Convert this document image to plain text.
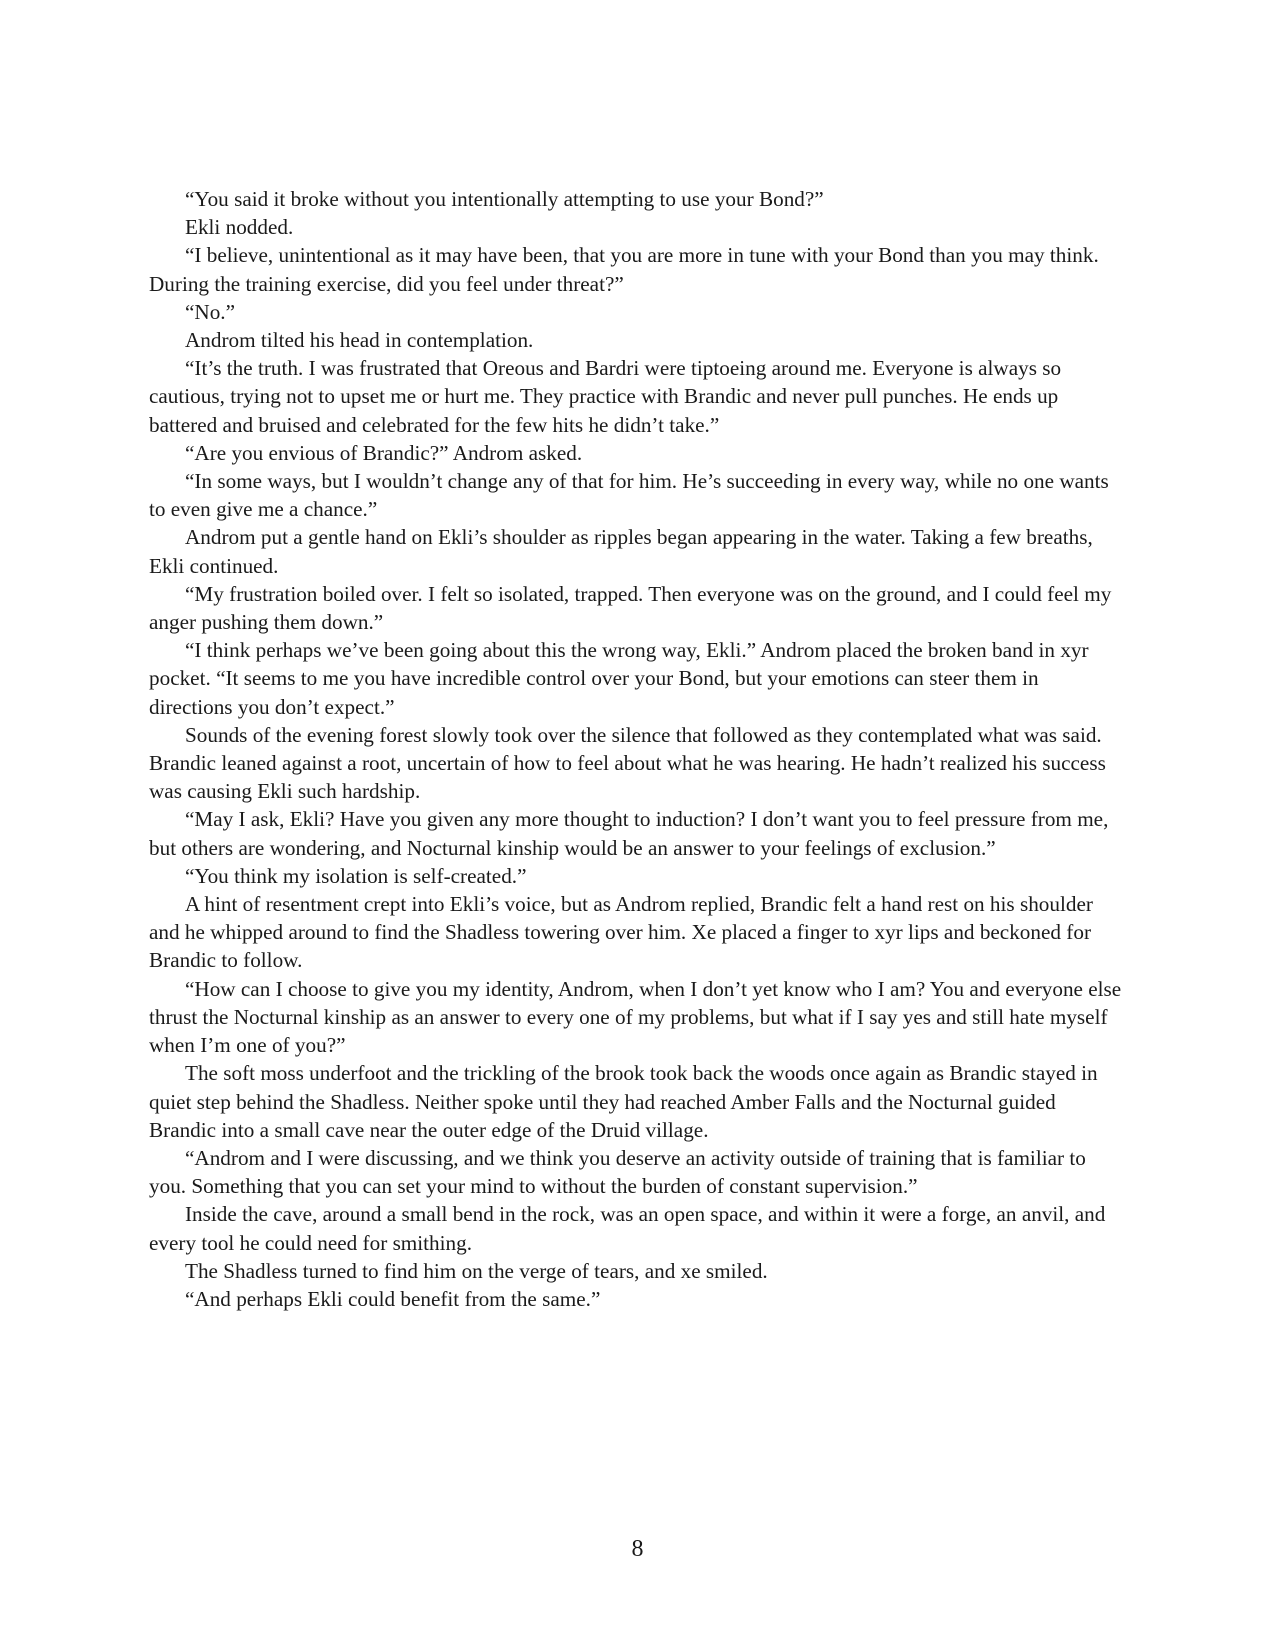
“You said it broke without you intentionally attempting to use your Bond?”

Ekli nodded.

“I believe, unintentional as it may have been, that you are more in tune with your Bond than you may think. During the training exercise, did you feel under threat?”

“No.”

Androm tilted his head in contemplation.

“It’s the truth. I was frustrated that Oreous and Bardri were tiptoeing around me. Everyone is always so cautious, trying not to upset me or hurt me. They practice with Brandic and never pull punches. He ends up battered and bruised and celebrated for the few hits he didn’t take.”

“Are you envious of Brandic?” Androm asked.

“In some ways, but I wouldn’t change any of that for him. He’s succeeding in every way, while no one wants to even give me a chance.”

Androm put a gentle hand on Ekli’s shoulder as ripples began appearing in the water. Taking a few breaths, Ekli continued.

“My frustration boiled over. I felt so isolated, trapped. Then everyone was on the ground, and I could feel my anger pushing them down.”

“I think perhaps we’ve been going about this the wrong way, Ekli.” Androm placed the broken band in xyr pocket. “It seems to me you have incredible control over your Bond, but your emotions can steer them in directions you don’t expect.”

Sounds of the evening forest slowly took over the silence that followed as they contemplated what was said. Brandic leaned against a root, uncertain of how to feel about what he was hearing. He hadn’t realized his success was causing Ekli such hardship.

“May I ask, Ekli? Have you given any more thought to induction? I don’t want you to feel pressure from me, but others are wondering, and Nocturnal kinship would be an answer to your feelings of exclusion.”

“You think my isolation is self-created.”

A hint of resentment crept into Ekli’s voice, but as Androm replied, Brandic felt a hand rest on his shoulder and he whipped around to find the Shadless towering over him. Xe placed a finger to xyr lips and beckoned for Brandic to follow.

“How can I choose to give you my identity, Androm, when I don’t yet know who I am? You and everyone else thrust the Nocturnal kinship as an answer to every one of my problems, but what if I say yes and still hate myself when I’m one of you?”

The soft moss underfoot and the trickling of the brook took back the woods once again as Brandic stayed in quiet step behind the Shadless. Neither spoke until they had reached Amber Falls and the Nocturnal guided Brandic into a small cave near the outer edge of the Druid village.

“Androm and I were discussing, and we think you deserve an activity outside of training that is familiar to you. Something that you can set your mind to without the burden of constant supervision.”

Inside the cave, around a small bend in the rock, was an open space, and within it were a forge, an anvil, and every tool he could need for smithing.

The Shadless turned to find him on the verge of tears, and xe smiled.

“And perhaps Ekli could benefit from the same.”

8
